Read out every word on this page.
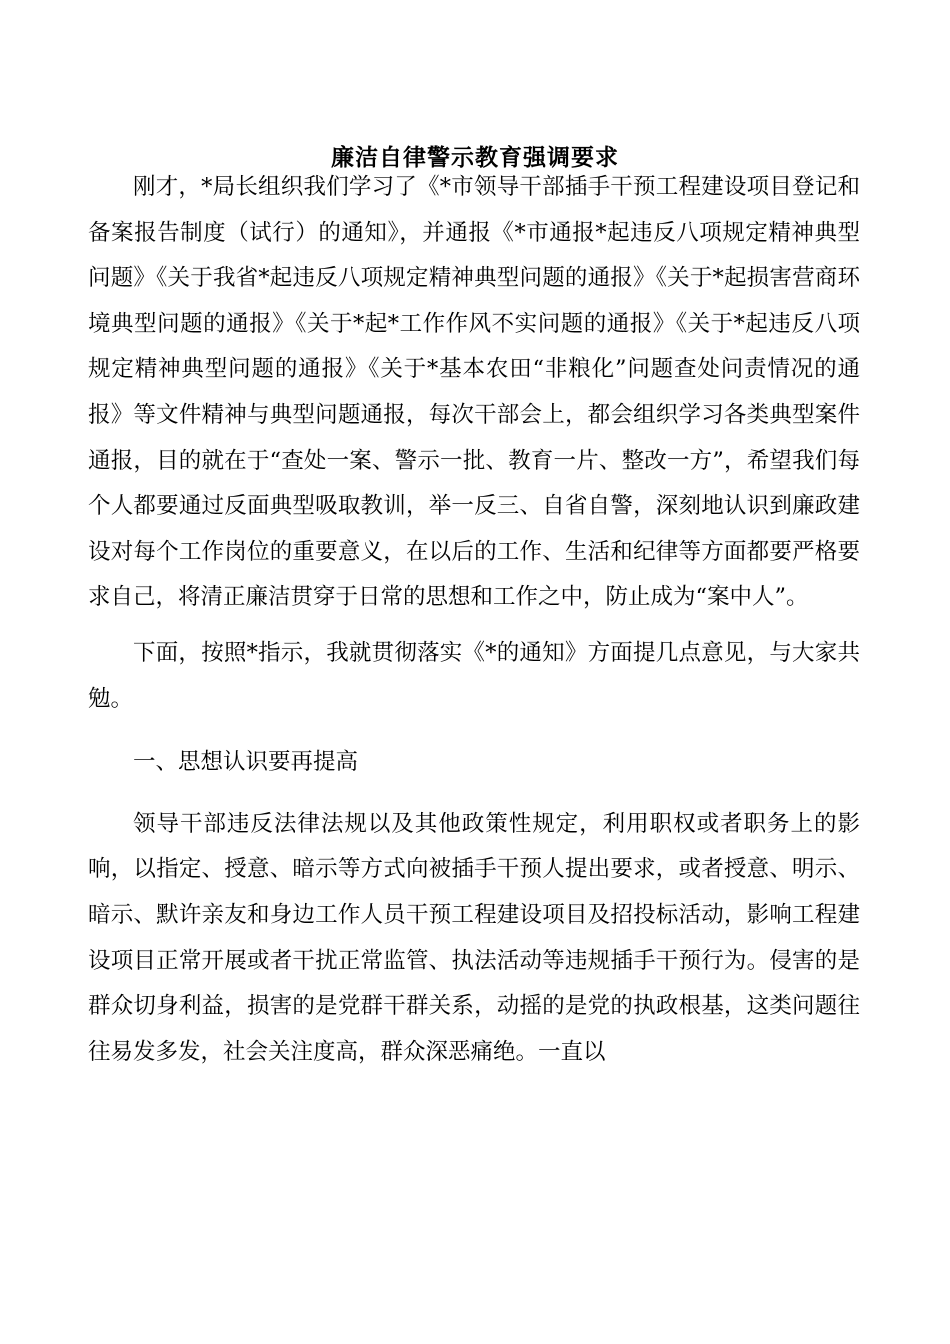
廉洁自律警示教育强调要求

刚才，*局长组织我们学习了《*市领导干部插手干预工程建设项目登记和备案报告制度（试行）的通知》，并通报《*市通报*起违反八项规定精神典型问题》《关于我省*起违反八项规定精神典型问题的通报》《关于*起损害营商环境典型问题的通报》《关于*起*工作作风不实问题的通报》《关于*起违反八项规定精神典型问题的通报》《关于*基本农田“非粮化”问题查处问责情况的通报》等文件精神与典型问题通报，每次干部会上，都会组织学习各类典型案件通报，目的就在于“查处一案、警示一批、教育一片、整改一方”，希望我们每个人都要通过反面典型吸取教训，举一反三、自省自警，深刻地认识到廉政建设对每个工作岗位的重要意义，在以后的工作、生活和纪律等方面都要严格要求自己，将清正廉洁贯穿于日常的思想和工作之中，防止成为“案中人”。

下面，按照*指示，我就贯彻落实《*的通知》方面提几点意见，与大家共勉。

一、思想认识要再提高

领导干部违反法律法规以及其他政策性规定，利用职权或者职务上的影响，以指定、授意、暗示等方式向被插手干预人提出要求，或者授意、明示、暗示、默许亲友和身边工作人员干预工程建设项目及招投标活动，影响工程建设项目正常开展或者干扰正常监管、执法活动等违规插手干预行为。侵害的是群众切身利益，损害的是党群干群关系，动摇的是党的执政根基，这类问题往往易发多发，社会关注度高，群众深恶痛绝。一直以
